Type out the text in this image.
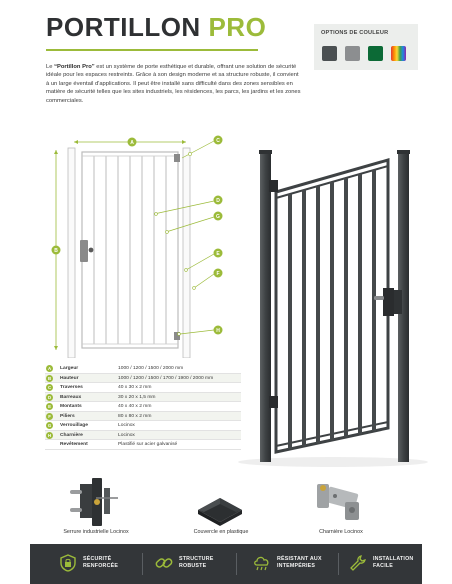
PORTILLON PRO	OPTIONS DE COULEUR
Le “Portillon Pro” est un système de porte esthétique et durable, offrant une solution de sécurité idéale pour les espaces restreints. Grâce à son design moderne et sa structure robuste, il convient à un large éventail d'applications. Il peut être installé sans difficulté dans des zones sensibles en matière de sécurité telles que les sites industriels, les résidences, les parcs, les jardins et les zones commerciales.
A
B
C
D
G
E
F
H
A	Largeur	1000 / 1200 / 1500 / 2000 mm
B	Hauteur	1000 / 1200 / 1500 / 1700 / 1900 / 2000 mm
C	Traverses	40 x 30 x 2 mm
D	Barreaux	30 x 20 x 1,5 mm
E	Montants	40 x 40 x 2 mm
F	Piliers	80 x 80 x 2 mm
G	Verrouillage	Locinox
H	Charnière	Locinox
Revêtement	Plastifié sur acier galvanisé
Serrure industrielle Locinox	Couvercle en plastique	Charnière Locinox
SÉCURITÉ
RENFORCÉE
STRUCTURE
ROBUSTE
RÉSISTANT AUX
INTEMPÉRIES
INSTALLATION
FACILE
